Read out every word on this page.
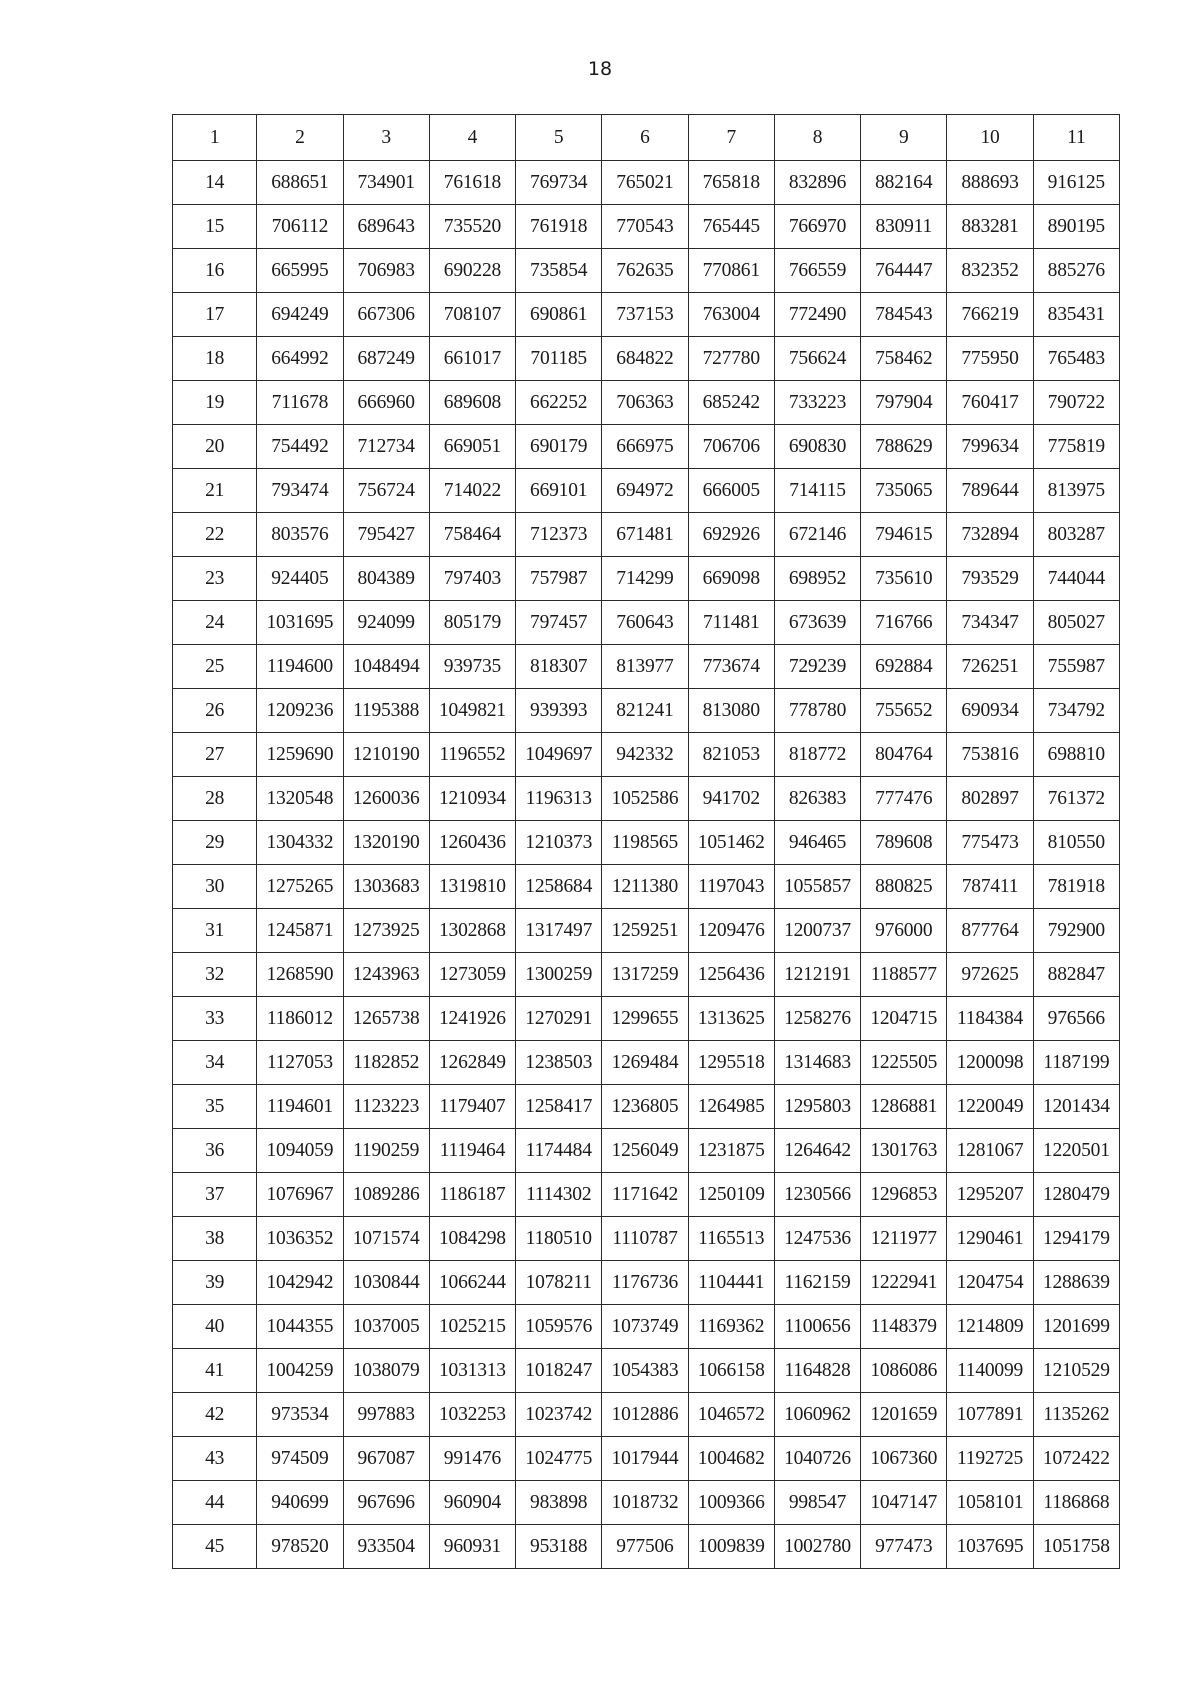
18
1	2	3	4	5	6	7	8	9	10	11
14	688651	734901	761618	769734	765021	765818	832896	882164	888693	916125
15	706112	689643	735520	761918	770543	765445	766970	830911	883281	890195
16	665995	706983	690228	735854	762635	770861	766559	764447	832352	885276
17	694249	667306	708107	690861	737153	763004	772490	784543	766219	835431
18	664992	687249	661017	701185	684822	727780	756624	758462	775950	765483
19	711678	666960	689608	662252	706363	685242	733223	797904	760417	790722
20	754492	712734	669051	690179	666975	706706	690830	788629	799634	775819
21	793474	756724	714022	669101	694972	666005	714115	735065	789644	813975
22	803576	795427	758464	712373	671481	692926	672146	794615	732894	803287
23	924405	804389	797403	757987	714299	669098	698952	735610	793529	744044
24	1031695	924099	805179	797457	760643	711481	673639	716766	734347	805027
25	1194600	1048494	939735	818307	813977	773674	729239	692884	726251	755987
26	1209236	1195388	1049821	939393	821241	813080	778780	755652	690934	734792
27	1259690	1210190	1196552	1049697	942332	821053	818772	804764	753816	698810
28	1320548	1260036	1210934	1196313	1052586	941702	826383	777476	802897	761372
29	1304332	1320190	1260436	1210373	1198565	1051462	946465	789608	775473	810550
30	1275265	1303683	1319810	1258684	1211380	1197043	1055857	880825	787411	781918
31	1245871	1273925	1302868	1317497	1259251	1209476	1200737	976000	877764	792900
32	1268590	1243963	1273059	1300259	1317259	1256436	1212191	1188577	972625	882847
33	1186012	1265738	1241926	1270291	1299655	1313625	1258276	1204715	1184384	976566
34	1127053	1182852	1262849	1238503	1269484	1295518	1314683	1225505	1200098	1187199
35	1194601	1123223	1179407	1258417	1236805	1264985	1295803	1286881	1220049	1201434
36	1094059	1190259	1119464	1174484	1256049	1231875	1264642	1301763	1281067	1220501
37	1076967	1089286	1186187	1114302	1171642	1250109	1230566	1296853	1295207	1280479
38	1036352	1071574	1084298	1180510	1110787	1165513	1247536	1211977	1290461	1294179
39	1042942	1030844	1066244	1078211	1176736	1104441	1162159	1222941	1204754	1288639
40	1044355	1037005	1025215	1059576	1073749	1169362	1100656	1148379	1214809	1201699
41	1004259	1038079	1031313	1018247	1054383	1066158	1164828	1086086	1140099	1210529
42	973534	997883	1032253	1023742	1012886	1046572	1060962	1201659	1077891	1135262
43	974509	967087	991476	1024775	1017944	1004682	1040726	1067360	1192725	1072422
44	940699	967696	960904	983898	1018732	1009366	998547	1047147	1058101	1186868
45	978520	933504	960931	953188	977506	1009839	1002780	977473	1037695	1051758
